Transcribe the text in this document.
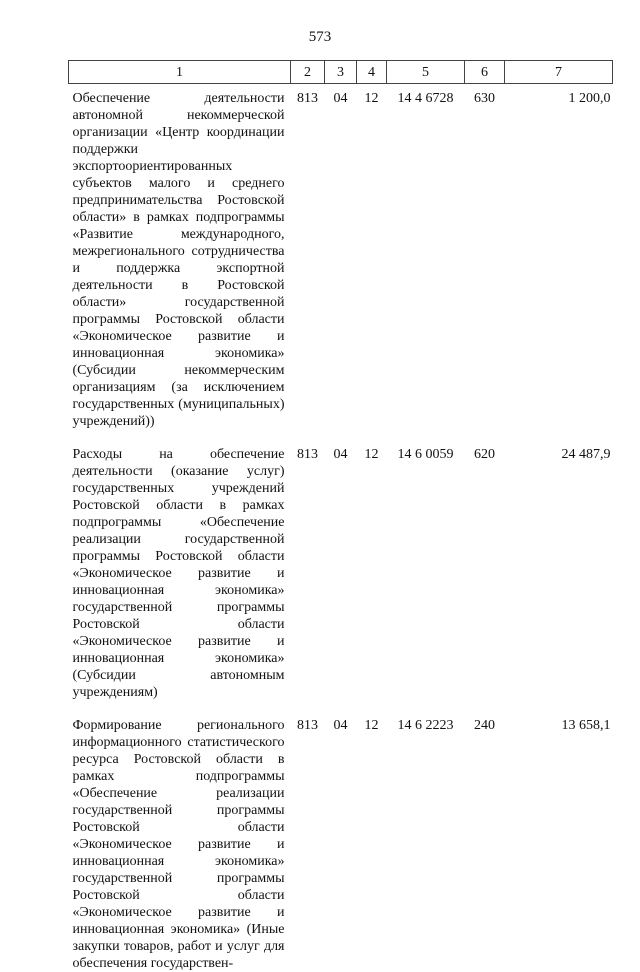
573
1	2	3	4	5	6	7
Обеспечение деятельности автономной некоммерческой организации «Центр координации поддержки экспортоориентированных субъектов малого и среднего предпринимательства Ростовской области» в рамках подпрограммы «Развитие международного, межрегионального сотрудничества и поддержка экспортной деятельности в Ростовской области» государственной программы Ростовской области «Экономическое развитие и инновационная экономика» (Субсидии некоммерческим организациям (за исключением государственных (муниципальных) учреждений))	813	04	12	14 4 6728	630	1 200,0

Расходы на обеспечение деятельности (оказание услуг) государственных учреждений Ростовской области в рамках подпрограммы «Обеспечение реализации государственной программы Ростовской области «Экономическое развитие и инновационная экономика» государственной программы Ростовской области «Экономическое развитие и инновационная экономика» (Субсидии автономным учреждениям)	813	04	12	14 6 0059	620	24 487,9

Формирование регионального информационного статистического ресурса Ростовской области в рамках подпрограммы «Обеспечение реализации государственной программы Ростовской области «Экономическое развитие и инновационная экономика» государственной программы Ростовской области «Экономическое развитие и инновационная экономика» (Иные закупки товаров, работ и услуг для обеспечения государствен-	813	04	12	14 6 2223	240	13 658,1
